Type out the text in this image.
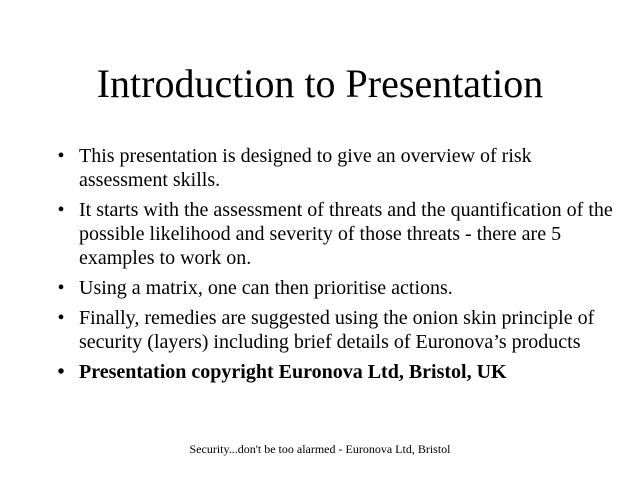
Introduction to Presentation
• This presentation is designed to give an overview of risk assessment skills.
• It starts with the assessment of threats and the quantification of the possible likelihood and severity of those threats - there are 5 examples to work on.
• Using a matrix, one can then prioritise actions.
• Finally, remedies are suggested using the onion skin principle of security (layers) including brief details of Euronova’s products
• Presentation copyright Euronova Ltd, Bristol, UK
Security...don't be too alarmed - Euronova Ltd, Bristol
